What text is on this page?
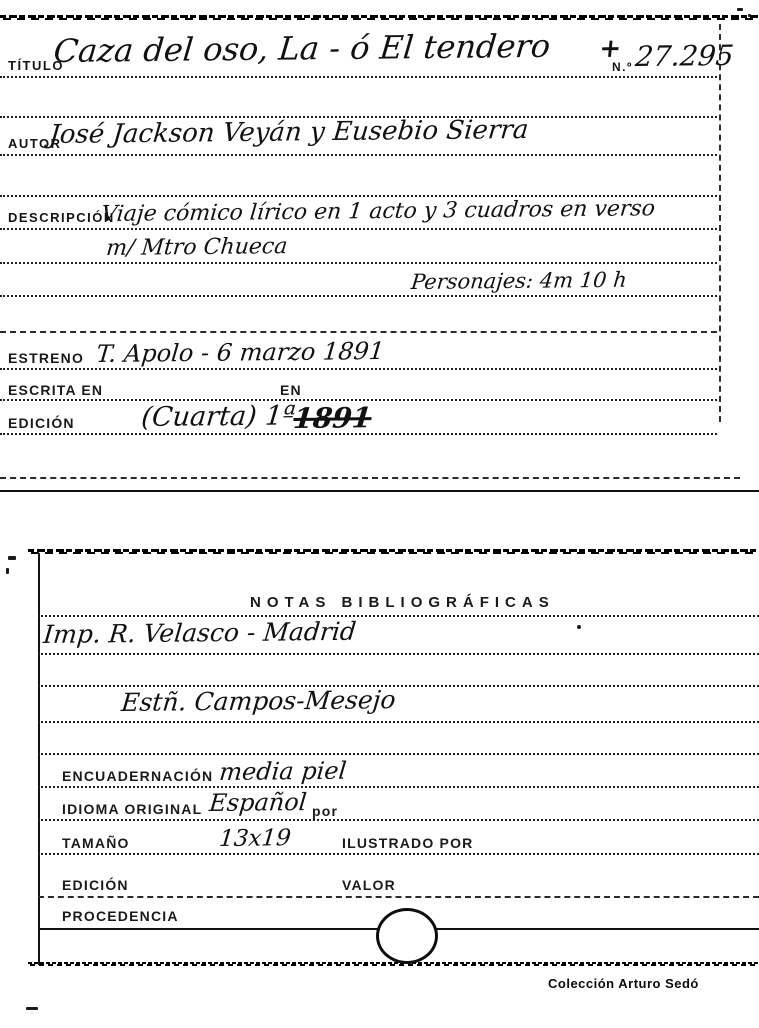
TÍTULO
Caza del oso, La - ó El tendero +
N.º 27.295
AUTOR
José Jackson Veyán y Eusebio Sierra
DESCRIPCIÓN
Viaje cómico lírico en 1 acto y 3 cuadros en verso
m/ Mtro Chueca
Personajes: 4m 10 h
ESTRENO T. Apolo - 6 marzo 1891
ESCRITA EN	EN
EDICIÓN (Cuarta) 1ª
1891
NOTAS BIBLIOGRÁFICAS
Imp. R. Velasco - Madrid
Estñ. Campos-Mesejo
ENCUADERNACIÓN media piel
IDIOMA ORIGINAL Español por
TAMAÑO	13x19	ILUSTRADO POR
EDICIÓN	VALOR
PROCEDENCIA
Colección Arturo Sedó
